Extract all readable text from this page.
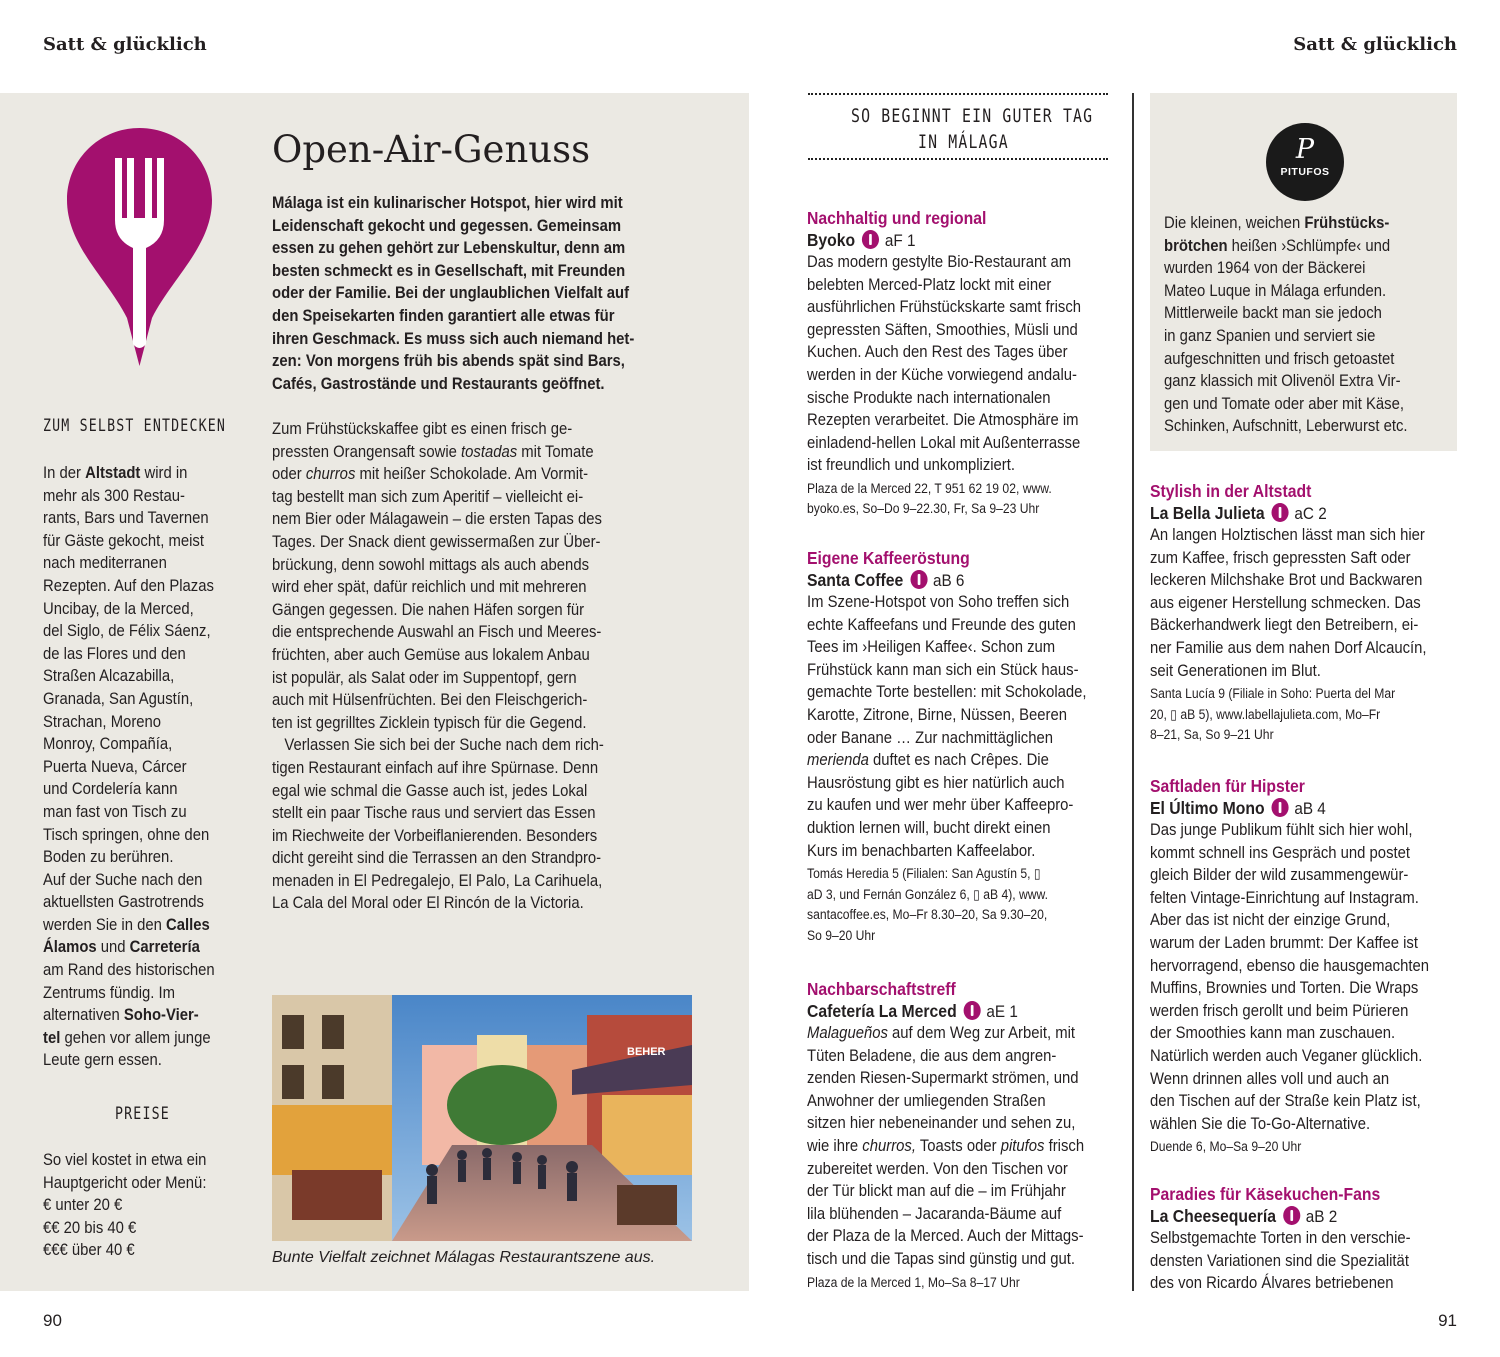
Satt & glücklich	Satt & glücklich
ZUM SELBST ENTDECKEN
In der Altstadt wird in
mehr als 300 Restau-
rants, Bars und Tavernen
für Gäste gekocht, meist
nach mediterranen
Rezepten. Auf den Plazas
Uncibay, de la Merced,
del Siglo, de Félix Sáenz,
de las Flores und den
Straßen Alcazabilla,
Granada, San Agustín,
Strachan, Moreno
Monroy, Compañía,
Puerta Nueva, Cárcer
und Cordelería kann
man fast von Tisch zu
Tisch springen, ohne den
Boden zu berühren.
Auf der Suche nach den
aktuellsten Gastrotrends
werden Sie in den Calles
Álamos und Carretería
am Rand des historischen
Zentrums fündig. Im
alternativen Soho-Vier-
tel gehen vor allem junge
Leute gern essen.
PREISE
So viel kostet in etwa ein
Hauptgericht oder Menü:
€ unter 20 €
€€ 20 bis 40 €
€€€ über 40 €
Open-Air-Genuss
Málaga ist ein kulinarischer Hotspot, hier wird mit
Leidenschaft gekocht und gegessen. Gemeinsam
essen zu gehen gehört zur Lebenskultur, denn am
besten schmeckt es in Gesellschaft, mit Freunden
oder der Familie. Bei der unglaublichen Vielfalt auf
den Speisekarten finden garantiert alle etwas für
ihren Geschmack. Es muss sich auch niemand het-
zen: Von morgens früh bis abends spät sind Bars,
Cafés, Gastrostände und Restaurants geöffnet.
Zum Frühstückskaffee gibt es einen frisch ge-
pressten Orangensaft sowie tostadas mit Tomate
oder churros mit heißer Schokolade. Am Vormit-
tag bestellt man sich zum Aperitif – vielleicht ei-
nem Bier oder Málagawein – die ersten Tapas des
Tages. Der Snack dient gewissermaßen zur Über-
brückung, denn sowohl mittags als auch abends
wird eher spät, dafür reichlich und mit mehreren
Gängen gegessen. Die nahen Häfen sorgen für
die entsprechende Auswahl an Fisch und Meeres-
früchten, aber auch Gemüse aus lokalem Anbau
ist populär, als Salat oder im Suppentopf, gern
auch mit Hülsenfrüchten. Bei den Fleischgerich-
ten ist gegrilltes Zicklein typisch für die Gegend.
Verlassen Sie sich bei der Suche nach dem rich-
tigen Restaurant einfach auf ihre Spürnase. Denn
egal wie schmal die Gasse auch ist, jedes Lokal
stellt ein paar Tische raus und serviert das Essen
im Riechweite der Vorbeiflanierenden. Besonders
dicht gereiht sind die Terrassen an den Strandpro-
menaden in El Pedregalejo, El Palo, La Carihuela,
La Cala del Moral oder El Rincón de la Victoria.
BEHER
Bunte Vielfalt zeichnet Málagas Restaurantszene aus.
SO BEGINNT EIN GUTER TAG
IN MÁLAGA
Nachhaltig und regional
Byoko aF 1
Das modern gestylte Bio-Restaurant am
belebten Merced-Platz lockt mit einer
ausführlichen Frühstückskarte samt frisch
gepressten Säften, Smoothies, Müsli und
Kuchen. Auch den Rest des Tages über
werden in der Küche vorwiegend andalu-
sische Produkte nach internationalen
Rezepten verarbeitet. Die Atmosphäre im
einladend-hellen Lokal mit Außenterrasse
ist freundlich und unkompliziert.
Plaza de la Merced 22, T 951 62 19 02, www.
byoko.es, So–Do 9–22.30, Fr, Sa 9–23 Uhr
Eigene Kaffeeröstung
Santa Coffee aB 6
Im Szene-Hotspot von Soho treffen sich
echte Kaffeefans und Freunde des guten
Tees im ›Heiligen Kaffee‹. Schon zum
Frühstück kann man sich ein Stück haus-
gemachte Torte bestellen: mit Schokolade,
Karotte, Zitrone, Birne, Nüssen, Beeren
oder Banane … Zur nachmittäglichen
merienda duftet es nach Crêpes. Die
Hausröstung gibt es hier natürlich auch
zu kaufen und wer mehr über Kaffeepro-
duktion lernen will, bucht direkt einen
Kurs im benachbarten Kaffeelabor.
Tomás Heredia 5 (Filialen: San Agustín 5, ▯
aD 3, und Fernán González 6, ▯ aB 4), www.
santacoffee.es, Mo–Fr 8.30–20, Sa 9.30–20,
So 9–20 Uhr
Nachbarschaftstreff
Cafetería La Merced aE 1
Malagueños auf dem Weg zur Arbeit, mit
Tüten Beladene, die aus dem angren-
zenden Riesen-Supermarkt strömen, und
Anwohner der umliegenden Straßen
sitzen hier nebeneinander und sehen zu,
wie ihre churros, Toasts oder pitufos frisch
zubereitet werden. Von den Tischen vor
der Tür blickt man auf die – im Frühjahr
lila blühenden – Jacaranda-Bäume auf
der Plaza de la Merced. Auch der Mittags-
tisch und die Tapas sind günstig und gut.
Plaza de la Merced 1, Mo–Sa 8–17 Uhr
P
PITUFOS
Die kleinen, weichen Frühstücks-
brötchen heißen ›Schlümpfe‹ und
wurden 1964 von der Bäckerei
Mateo Luque in Málaga erfunden.
Mittlerweile backt man sie jedoch
in ganz Spanien und serviert sie
aufgeschnitten und frisch getoastet
ganz klassich mit Olivenöl Extra Vir-
gen und Tomate oder aber mit Käse,
Schinken, Aufschnitt, Leberwurst etc.
Stylish in der Altstadt
La Bella Julieta aC 2
An langen Holztischen lässt man sich hier
zum Kaffee, frisch gepressten Saft oder
leckeren Milchshake Brot und Backwaren
aus eigener Herstellung schmecken. Das
Bäckerhandwerk liegt den Betreibern, ei-
ner Familie aus dem nahen Dorf Alcaucín,
seit Generationen im Blut.
Santa Lucía 9 (Filiale in Soho: Puerta del Mar
20, ▯ aB 5), www.labellajulieta.com, Mo–Fr
8–21, Sa, So 9–21 Uhr
Saftladen für Hipster
El Último Mono aB 4
Das junge Publikum fühlt sich hier wohl,
kommt schnell ins Gespräch und postet
gleich Bilder der wild zusammengewür-
felten Vintage-Einrichtung auf Instagram.
Aber das ist nicht der einzige Grund,
warum der Laden brummt: Der Kaffee ist
hervorragend, ebenso die hausgemachten
Muffins, Brownies und Torten. Die Wraps
werden frisch gerollt und beim Pürieren
der Smoothies kann man zuschauen.
Natürlich werden auch Veganer glücklich.
Wenn drinnen alles voll und auch an
den Tischen auf der Straße kein Platz ist,
wählen Sie die To-Go-Alternative.
Duende 6, Mo–Sa 9–20 Uhr
Paradies für Käsekuchen-Fans
La Cheesequería aB 2
Selbstgemachte Torten in den verschie-
densten Variationen sind die Spezialität
des von Ricardo Álvares betriebenen
90	91
